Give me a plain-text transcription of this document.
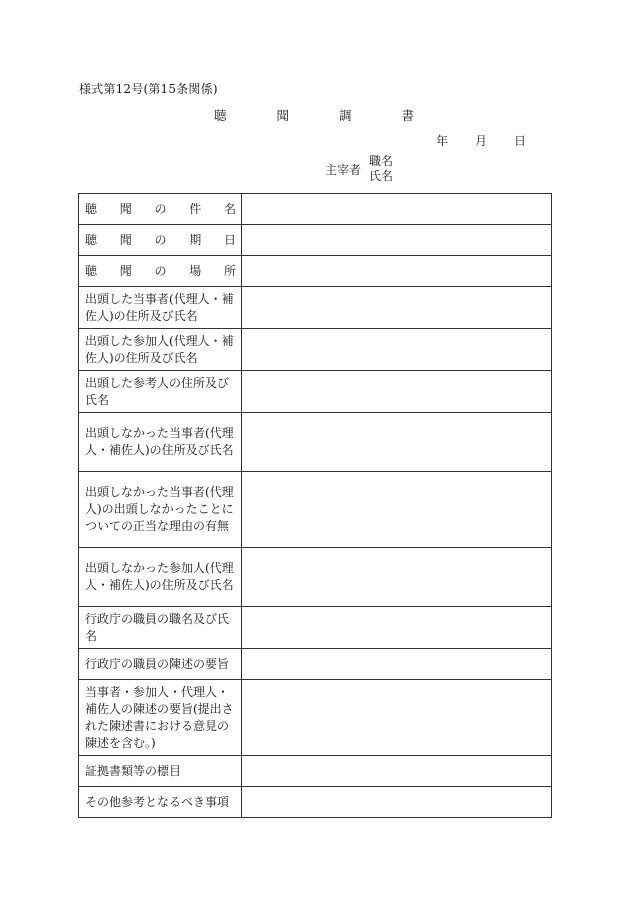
様式第12号(第15条関係)
聴	聞	調	書
年 月 日
主宰者
職名
氏名
聴 聞 の 件 名	

聴 聞 の 期 日	

聴 聞 の 場 所	

出頭した当事者(代理人・補佐人)の住所及び氏名	
出頭した参加人(代理人・補佐人)の住所及び氏名	
出頭した参考人の住所及び氏名	
出頭しなかった当事者(代理人・補佐人)の住所及び氏名	
出頭しなかった当事者(代理人)の出頭しなかったことについての正当な理由の有無	
出頭しなかった参加人(代理人・補佐人)の住所及び氏名	
行政庁の職員の職名及び氏名	
行政庁の職員の陳述の要旨	
当事者・参加人・代理人・補佐人の陳述の要旨(提出された陳述書における意見の陳述を含む。)	
証拠書類等の標目	
その他参考となるべき事項	
